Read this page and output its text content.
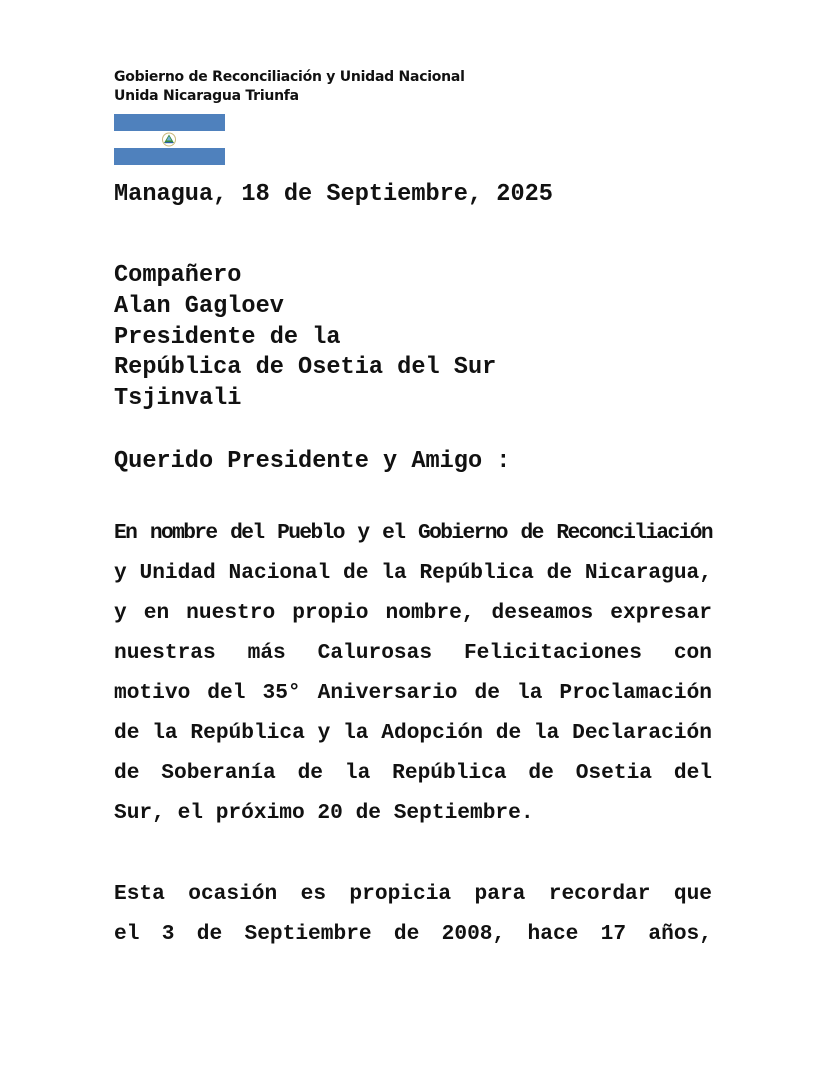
Gobierno de Reconciliación y Unidad Nacional
Unida Nicaragua Triunfa
Managua, 18 de Septiembre, 2025
Compañero
Alan Gagloev
Presidente de la
República de Osetia del Sur
Tsjinvali
Querido Presidente y Amigo :
En nombre del Pueblo y el Gobierno de Reconciliación
y Unidad Nacional de la República de Nicaragua,
y en nuestro propio nombre, deseamos expresar
nuestras más Calurosas Felicitaciones con
motivo del 35° Aniversario de la Proclamación
de la República y la Adopción de la Declaración
de Soberanía de la República de Osetia del
Sur, el próximo 20 de Septiembre.
Esta ocasión es propicia para recordar que
el 3 de Septiembre de 2008, hace 17 años,
